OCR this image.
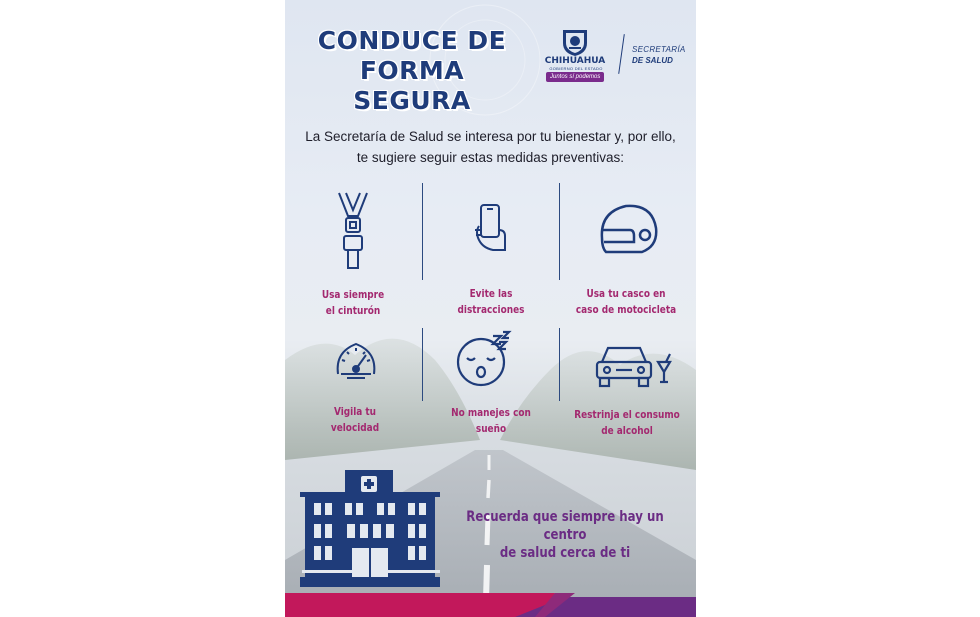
CONDUCE DE
FORMA SEGURA
CHIHUAHUA
GOBIERNO DEL ESTADO
Juntos sí podemos
SECRETARÍA
DE SALUD
La Secretaría de Salud se interesa por tu bienestar y, por ello,
te sugiere seguir estas medidas preventivas:
Usa siempre
el cinturón
Evite las
distracciones
Usa tu casco en
caso de motocicleta
Vigila tu
velocidad
No manejes con
sueño
Restrinja el consumo
de alcohol
Recuerda que siempre hay un centro
de salud cerca de ti
